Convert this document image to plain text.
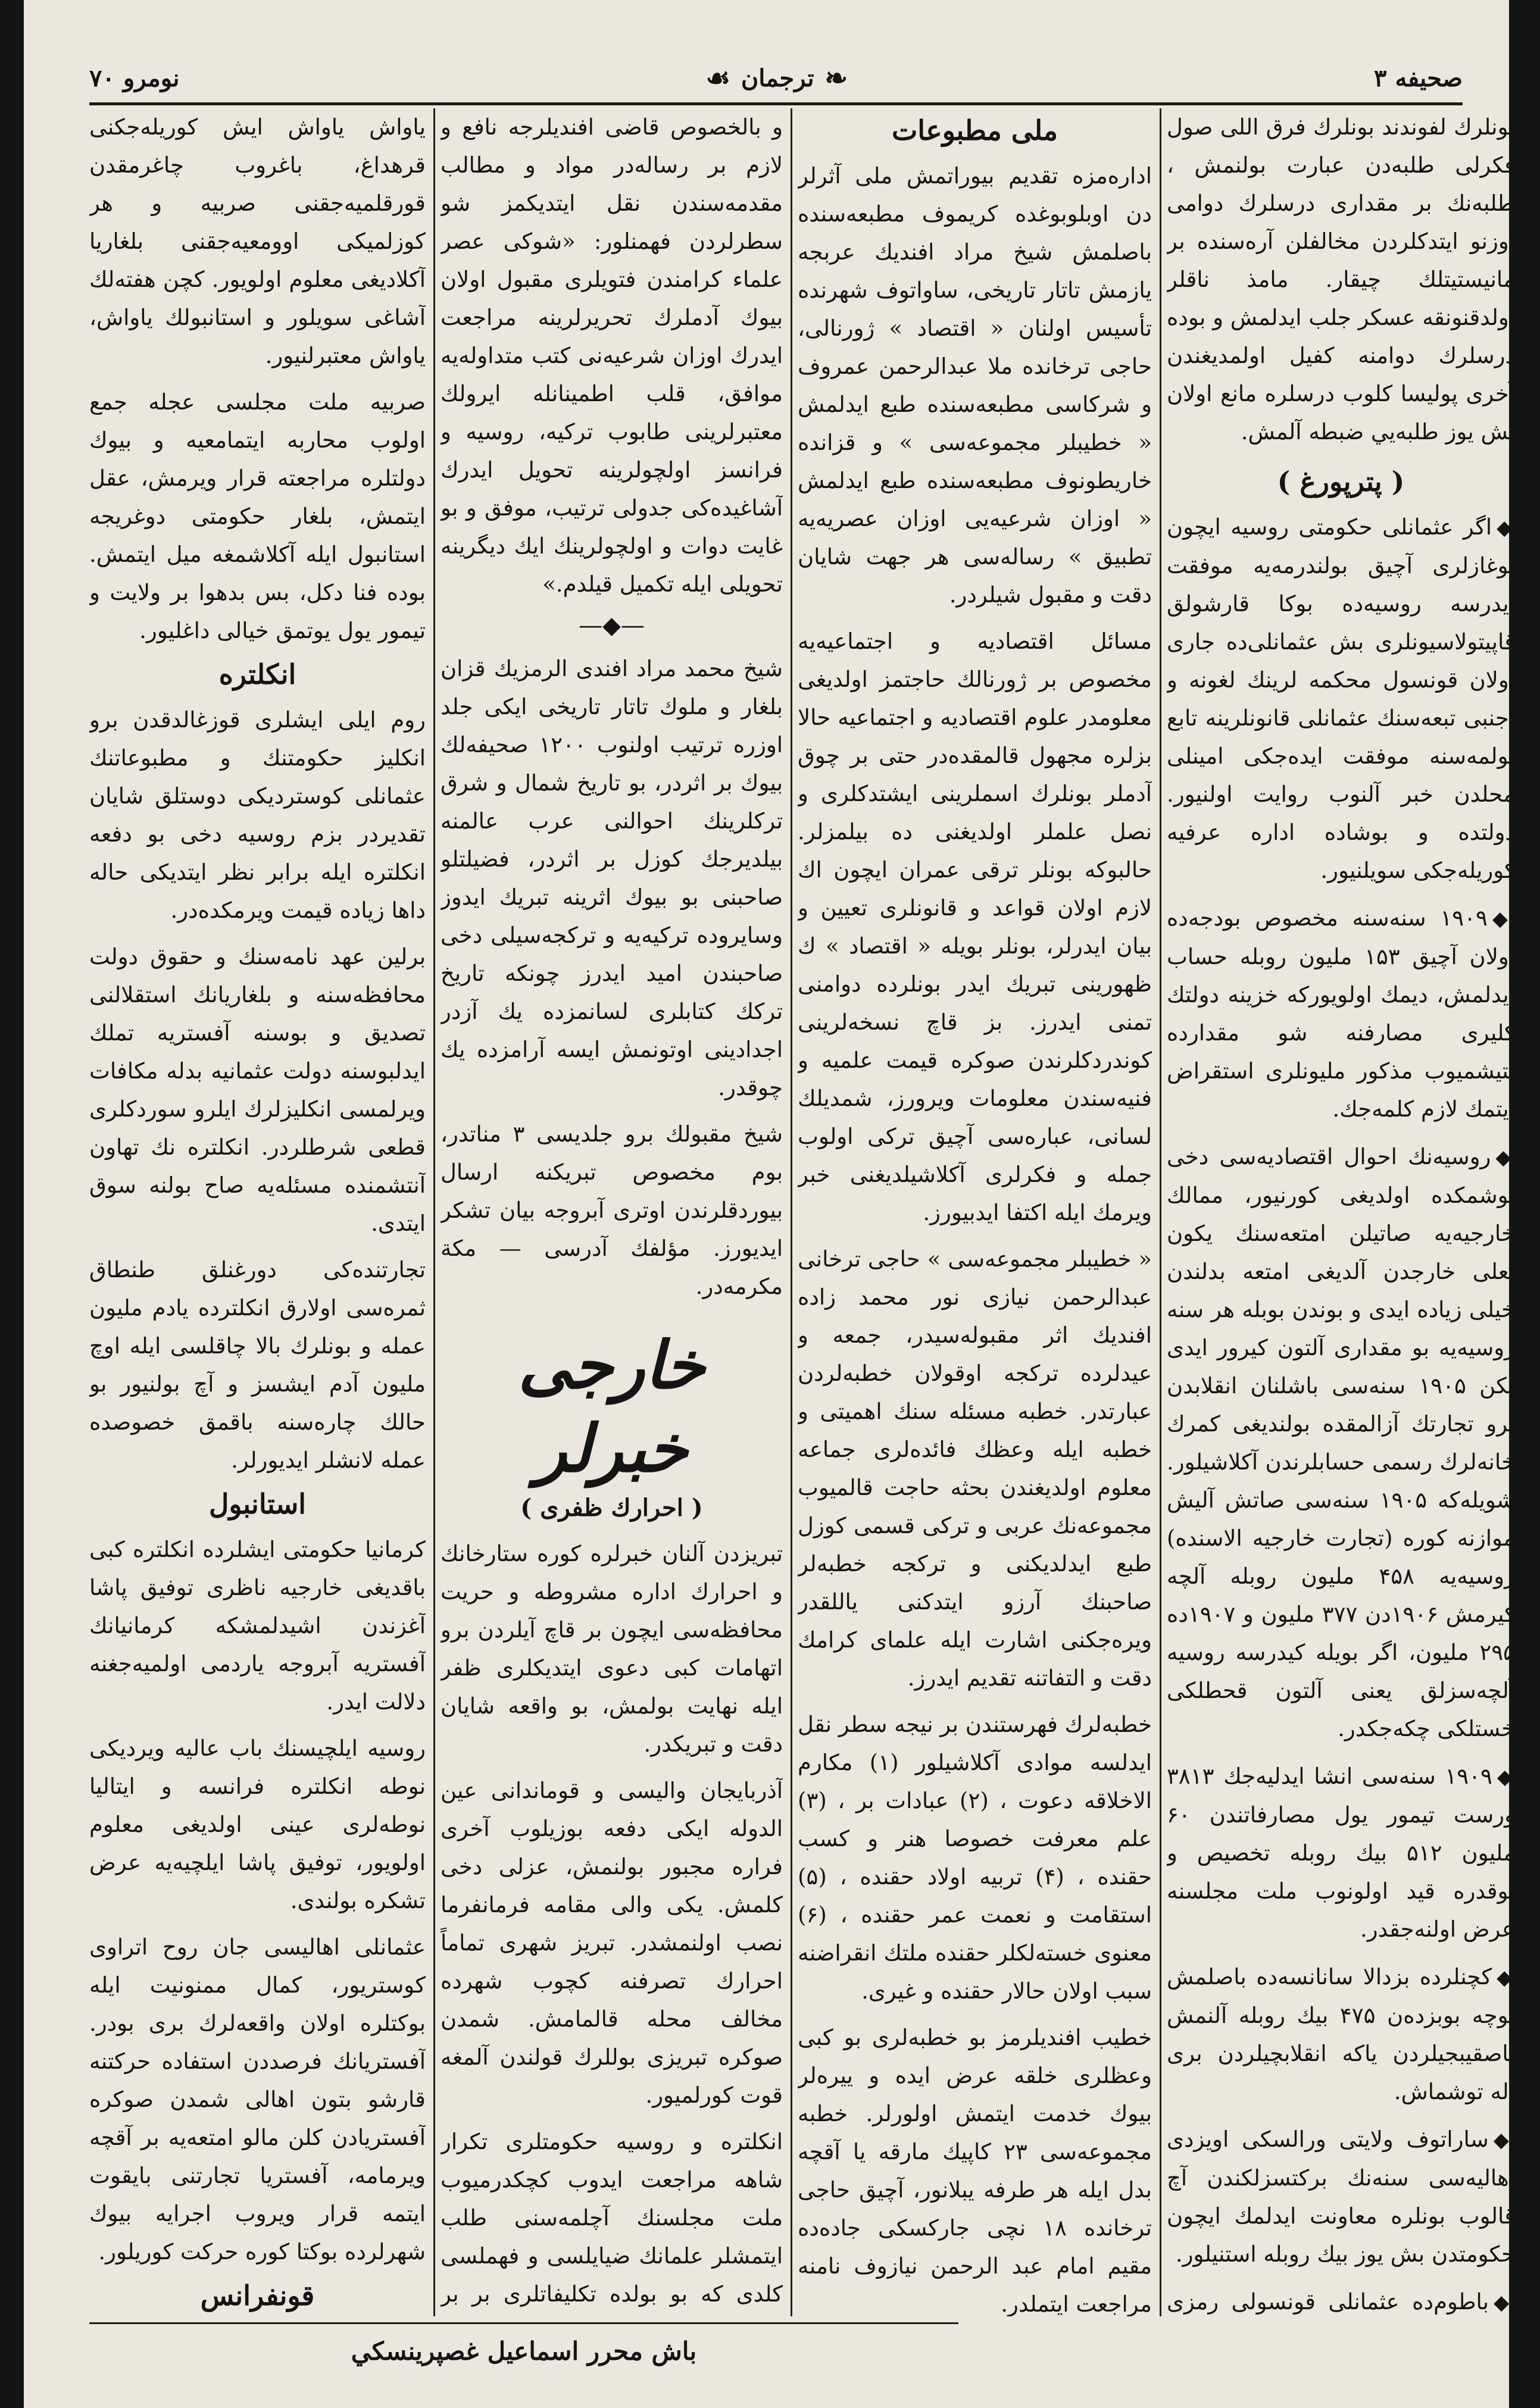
صحيفه ۳
❧
ترجمان
☙
نومرو ۷۰

بونلرك لفوندند بونلرك فرق اللى صول فكرلى طلبه‌دن عبارت بولنمش ، طلبه‌نك بر مقداری درسلرك دوامی اوزنو ایتدكلردن مخالفلن آره‌سنده بر مانیستيتلك چيقار. مامذ ناقلر اولدقنونقه عسكر جلب ايدلمش و بوده درسلرك دوامنه كفيل اولمديغندن آخری پوليسا كلوب درسلره مانع اولان بش يوز طلبه‌يي ضبطه آلمش.

( پترپورغ )

◆اگر عثمانلی حكومتی روسيه ايچون بوغازلری آچيق بولندرمه‌يه موفقت ايدرسه روسيه‌ده بوكا قارشولق قاپيتولاسيونلری بش عثمانلی‌ده جاری اولان قونسول محكمه لرينك لغونه و اجنبی تبعه‌سنك عثمانلی قانونلرينه تابع تولمه‌سنه موفقت ايده‌جكی امينلی محلدن خبر آلنوب روايت اولنيور. دولتده و بوشاده اداره عرفيه كوريله‌جكی سويلنيور.

◆۱۹۰۹ سنه‌سنه مخصوص بودجه‌ده اولان آچيق ۱۵۳ مليون روبله حساب ايدلمش، ديمك اولويوركه خزينه دولتك كليری مصارفنه شو مقدارده يتيشميوب مذكور مليونلری استقراض ايتمك لازم كلمه‌جك.

◆روسيه‌نك احوال اقتصاديه‌سی دخی توشمكده اولديغی كورنيور، ممالك خارجيه‌يه صاتيلن امتعه‌سنك يكون بعلی خارجدن آلديغی امتعه بدلندن خيلی زياده ايدی و بوندن بوبله هر سنه روسيه‌يه بو مقداری آلتون كيرور ايدی لكن ۱۹۰۵ سنه‌سی باشلنان انقلابدن برو تجارتك آزالمقده بولنديغی كمرك خانه‌لرك رسمی حسابلرندن آكلاشيلور. شويله‌كه ۱۹۰۵ سنه‌سی صاتش آليش موازنه كوره (تجارت خارجيه الاسنده) روسيه‌يه ۴۵۸ مليون روبله آلچه كيرمش ۱۹۰۶دن ۳۷۷ مليون و ۱۹۰۷ده ۲۹۵ مليون، اگر بويله كيدرسه روسيه آلچه‌سزلق يعنی آلتون قحطلكی خستلكی چكه‌جكدر.

◆۱۹۰۹ سنه‌سی انشا ايدليه‌جك ۳۸۱۳ ورست تيمور يول مصارفاتندن ۶۰ مليون ۵۱۲ بيك روبله تخصيص و بوقدره قيد اولونوب ملت مجلسنه عرض اولنه‌جقدر.

◆كچنلرده بزدالا سانانسه‌ده باصلمش بوچه بوبزده‌ن ۴۷۵ بيك روبله آلنمش باصقيبجيلردن ياكه انقلابچيلردن بری اله توشماش.

◆ساراتوف ولايتی ورالسكی اويزدی اهاليه‌سی سنه‌نك بركتسزلكندن آچ قالوب بونلره معاونت ايدلمك ايچون حكومتدن بش يوز بيك روبله استنيلور.

◆باطوم‌ده عثمانلی قونسولی رمزی

ملی مطبوعات

اداره‌مزه تقديم بيوراتمش ملی آثرلر دن اوبلوبوغده كريموف مطبعه‌سنده باصلمش شيخ مراد افنديك عربجه يازمش تاتار تاريخی، ساواتوف شهرنده تأسيس اولنان « اقتصاد » ژورنالی، حاجی ترخانده ملا عبدالرحمن عمروف و شركاسی مطبعه‌سنده طبع ايدلمش « خطيبلر مجموعه‌سی » و قزانده خاريطونوف مطبعه‌سنده طبع ايدلمش « اوزان شرعيه‌يی اوزان عصريه‌يه تطبيق » رساله‌سی هر جهت شايان دقت و مقبول شيلردر.

مسائل اقتصاديه و اجتماعيه‌يه مخصوص بر ژورنالك حاجتمز اولديغی معلومدر علوم اقتصاديه و اجتماعيه حالا بزلره مجهول قالمقده‌در حتی بر چوق آدملر بونلرك اسملرينی ايشتدكلری و نصل علملر اولديغنی ده بيلمزلر. حالبوكه بونلر ترقی عمران ايچون اك لازم اولان قواعد و قانونلری تعيين و بيان ايدرلر، بونلر بويله « اقتصاد » ك ظهورينی تبريك ايدر بونلرده دوامنی تمنی ايدرز. بز قاچ نسخه‌لرينی كوندردكلرندن صوكره قيمت علميه و فنيه‌سندن معلومات ويرورز، شمديلك لسانی، عباره‌سی آچيق تركی اولوب جمله و فكرلری آكلاشيلديغنی خبر ويرمك ايله اكتفا ايدبيورز.

« خطيبلر مجموعه‌سی » حاجی ترخانی عبدالرحمن نيازی نور محمد زاده افنديك اثر مقبوله‌سيدر، جمعه و عيدلرده تركجه اوقولان خطبه‌لردن عبارتدر. خطبه مسئله سنك اهميتی و خطبه ايله وعظك فائده‌لری جماعه معلوم اولديغندن بحثه حاجت قالميوب مجموعه‌نك عربی و تركی قسمی كوزل طبع ايدلديكنی و تركجه خطبه‌لر صاحبنك آرزو ايتدكنی ياللقدر ويره‌جكنی اشارت ايله علمای كرامك دقت و التفاتنه تقديم ايدرز.

خطبه‌لرك فهرستندن بر نيجه سطر نقل ايدلسه موادی آكلاشيلور (۱) مكارم الاخلاقه دعوت ، (۲) عبادات بر ، (۳) علم معرفت خصوصا هنر و كسب حقنده ، (۴) تربيه اولاد حقنده ، (۵) استقامت و نعمت عمر حقنده ، (۶) معنوی خسته‌لكلر حقنده ملتك انقراضنه سبب اولان حالار حقنده و غيری.

خطيب افنديلرمز بو خطبه‌لری بو كبی وعظلری خلقه عرض ايده و ييره‌لر بيوك خدمت ايتمش اولورلر. خطبه مجموعه‌سی ۲۳ كاپيك مارقه يا آقچه بدل ايله هر طرفه يبلانور، آچيق حاجی ترخانده ۱۸ نچی جاركسكی جاده‌ده مقيم امام عبد الرحمن نيازوف نامنه مراجعت ايتملدر.

و بالخصوص قاضی افنديلرجه نافع و لازم بر رساله‌در مواد و مطالب مقدمه‌سندن نقل ايتديكمز شو سطرلردن فهمنلور: «شوكی عصر علماء كرامندن فتويلری مقبول اولان بيوك آدملرك تحريرلرينه مراجعت ايدرك اوزان شرعيه‌نی كتب متداوله‌يه موافق، قلب اطمينانله ايرولك معتبرلرينی طابوب تركيه، روسيه و فرانسز اولچولرينه تحويل ايدرك آشاغيده‌كی جدولی ترتيب، موفق و بو غايت دوات و اولچولرينك ايك ديگرينه تحويلی ايله تكميل قيلدم.»

—◆—

شيخ محمد مراد افندی الرمزيك قزان بلغار و ملوك تاتار تاريخی ايكی جلد اوزره ترتيب اولنوب ۱۲۰۰ صحيفه‌لك بيوك بر اثردر، بو تاريخ شمال و شرق تركلرينك احوالنی عرب عالمنه بيلديرجك كوزل بر اثردر، فضيلتلو صاحبنی بو بيوك اثرينه تبريك ايدوز وسايروده تركيه‌يه و تركجه‌سيلی دخی صاحبندن اميد ايدرز چونكه تاريخ تركك كتابلری لسانمزده يك آزدر اجدادينی اوتونمش ايسه آرامزده يك چوقدر.

شيخ مقبولك برو جلديسی ۳ مناتدر، بوم مخصوص تبريكنه ارسال بيوردقلرندن اوتری آبروجه بيان تشكر ايديورز. مؤلفك آدرسی — مكة مكرمه‌در.

خارجی خبرلر
( احرارك ظفری )

تبريزدن آلنان خبرلره كوره ستارخانك و احرارك اداره مشروطه و حريت محافظه‌سی ايچون بر قاچ آيلردن برو اتهامات كبی دعوی ايتديكلری ظفر ايله نهايت بولمش، بو واقعه شايان دقت و تبريكدر.

آذربايجان واليسی و قوماندانی عين الدوله ايكی دفعه بوزيلوب آخری فراره مجبور بولنمش، عزلی دخی كلمش. يكی والی مقامه فرمانفرما نصب اولنمشدر. تبريز شهری تماماً احرارك تصرفنه كچوب شهرده مخالف محله قالمامش. شمدن صوكره تبريزی بوللرك قولندن آلمغه قوت كورلميور.

انكلتره و روسيه حكومتلری تكرار شاهه مراجعت ايدوب كچكدرميوب ملت مجلسنك آچلمه‌سنی طلب ايتمشلر علمانك ضيايلسی و فهملسی كلدی كه بو بولده تكليفاتلری بر بر

ياواش ياواش ايش كوريله‌جكنی قرهداغ، باغروب چاغرمقدن قورقلميه‌جقنی صربيه و هر كوزلميكی اوومعيه‌جقنی بلغاريا آكلاديغی معلوم اولويور. كچن هفته‌لك آشاغی سويلور و استانبولك ياواش، ياواش معتبرلنيور.

صربيه ملت مجلسی عجله جمع اولوب محاربه ايتمامعيه و بيوك دولتلره مراجعته قرار ويرمش، عقل ايتمش، بلغار حكومتی دوغريجه استانبول ايله آكلاشمغه ميل ايتمش. بوده فنا دكل، بس بدهوا بر ولايت و تيمور يول يوتمق خيالی داغليور.

انكلتره

روم ايلی ايشلری قوزغالدقدن برو انكليز حكومتنك و مطبوعاتنك عثمانلی كوسترديكی دوستلق شايان تقديردر بزم روسيه دخی بو دفعه انكلتره ايله برابر نظر ايتديكی حاله داها زياده قيمت ويرمكده‌در.

برلين عهد نامه‌سنك و حقوق دولت محافظه‌سنه و بلغاريانك استقلالنی تصديق و بوسنه آفستريه تملك ايدلبوسنه دولت عثمانيه بدله مكافات ويرلمسی انكليزلرك ايلرو سوردكلری قطعی شرطلردر. انكلتره نك تهاون آنتشمنده مسئله‌يه صاح بولنه سوق ايتدی.

تجارتنده‌كی دورغنلق طنطاق ثمره‌سی اولارق انكلترده يادم مليون عمله و بونلرك بالا چاقلسی ايله اوچ مليون آدم ايشسز و آچ بولنيور بو حالك چاره‌سنه باقمق خصوصده عمله لانشلر ايديورلر.

استانبول

كرمانيا حكومتی ايشلرده انكلتره كبی باقديغی خارجيه ناظری توفيق پاشا آغزندن اشيدلمشكه كرمانيانك آفستريه آبروجه ياردمی اولميه‌جغنه دلالت ايدر.

روسيه ايلچيسنك باب عاليه ويرديكی نوطه انكلتره فرانسه و ايتاليا نوطه‌لری عينی اولديغی معلوم اولويور، توفيق پاشا ايلچيه‌يه عرض تشكره بولندی.

عثمانلی اهاليسی جان روح اتراوی كوستريور، كمال ممنونيت ايله بوكتلره اولان واقعه‌لرك برى بودر. آفستريانك فرصددن استفاده حركتنه قارشو بتون اهالی شمدن صوكره آفستريادن كلن مالو امتعه‌يه بر آقچه ويرمامه، آفستريا تجارتنی بايقوت ايتمه قرار ويروب اجرايه بيوك شهرلرده بوكتا كوره حركت كوريلور.

قونفرانس

باش محرر اسماعيل غصپرينسكي
